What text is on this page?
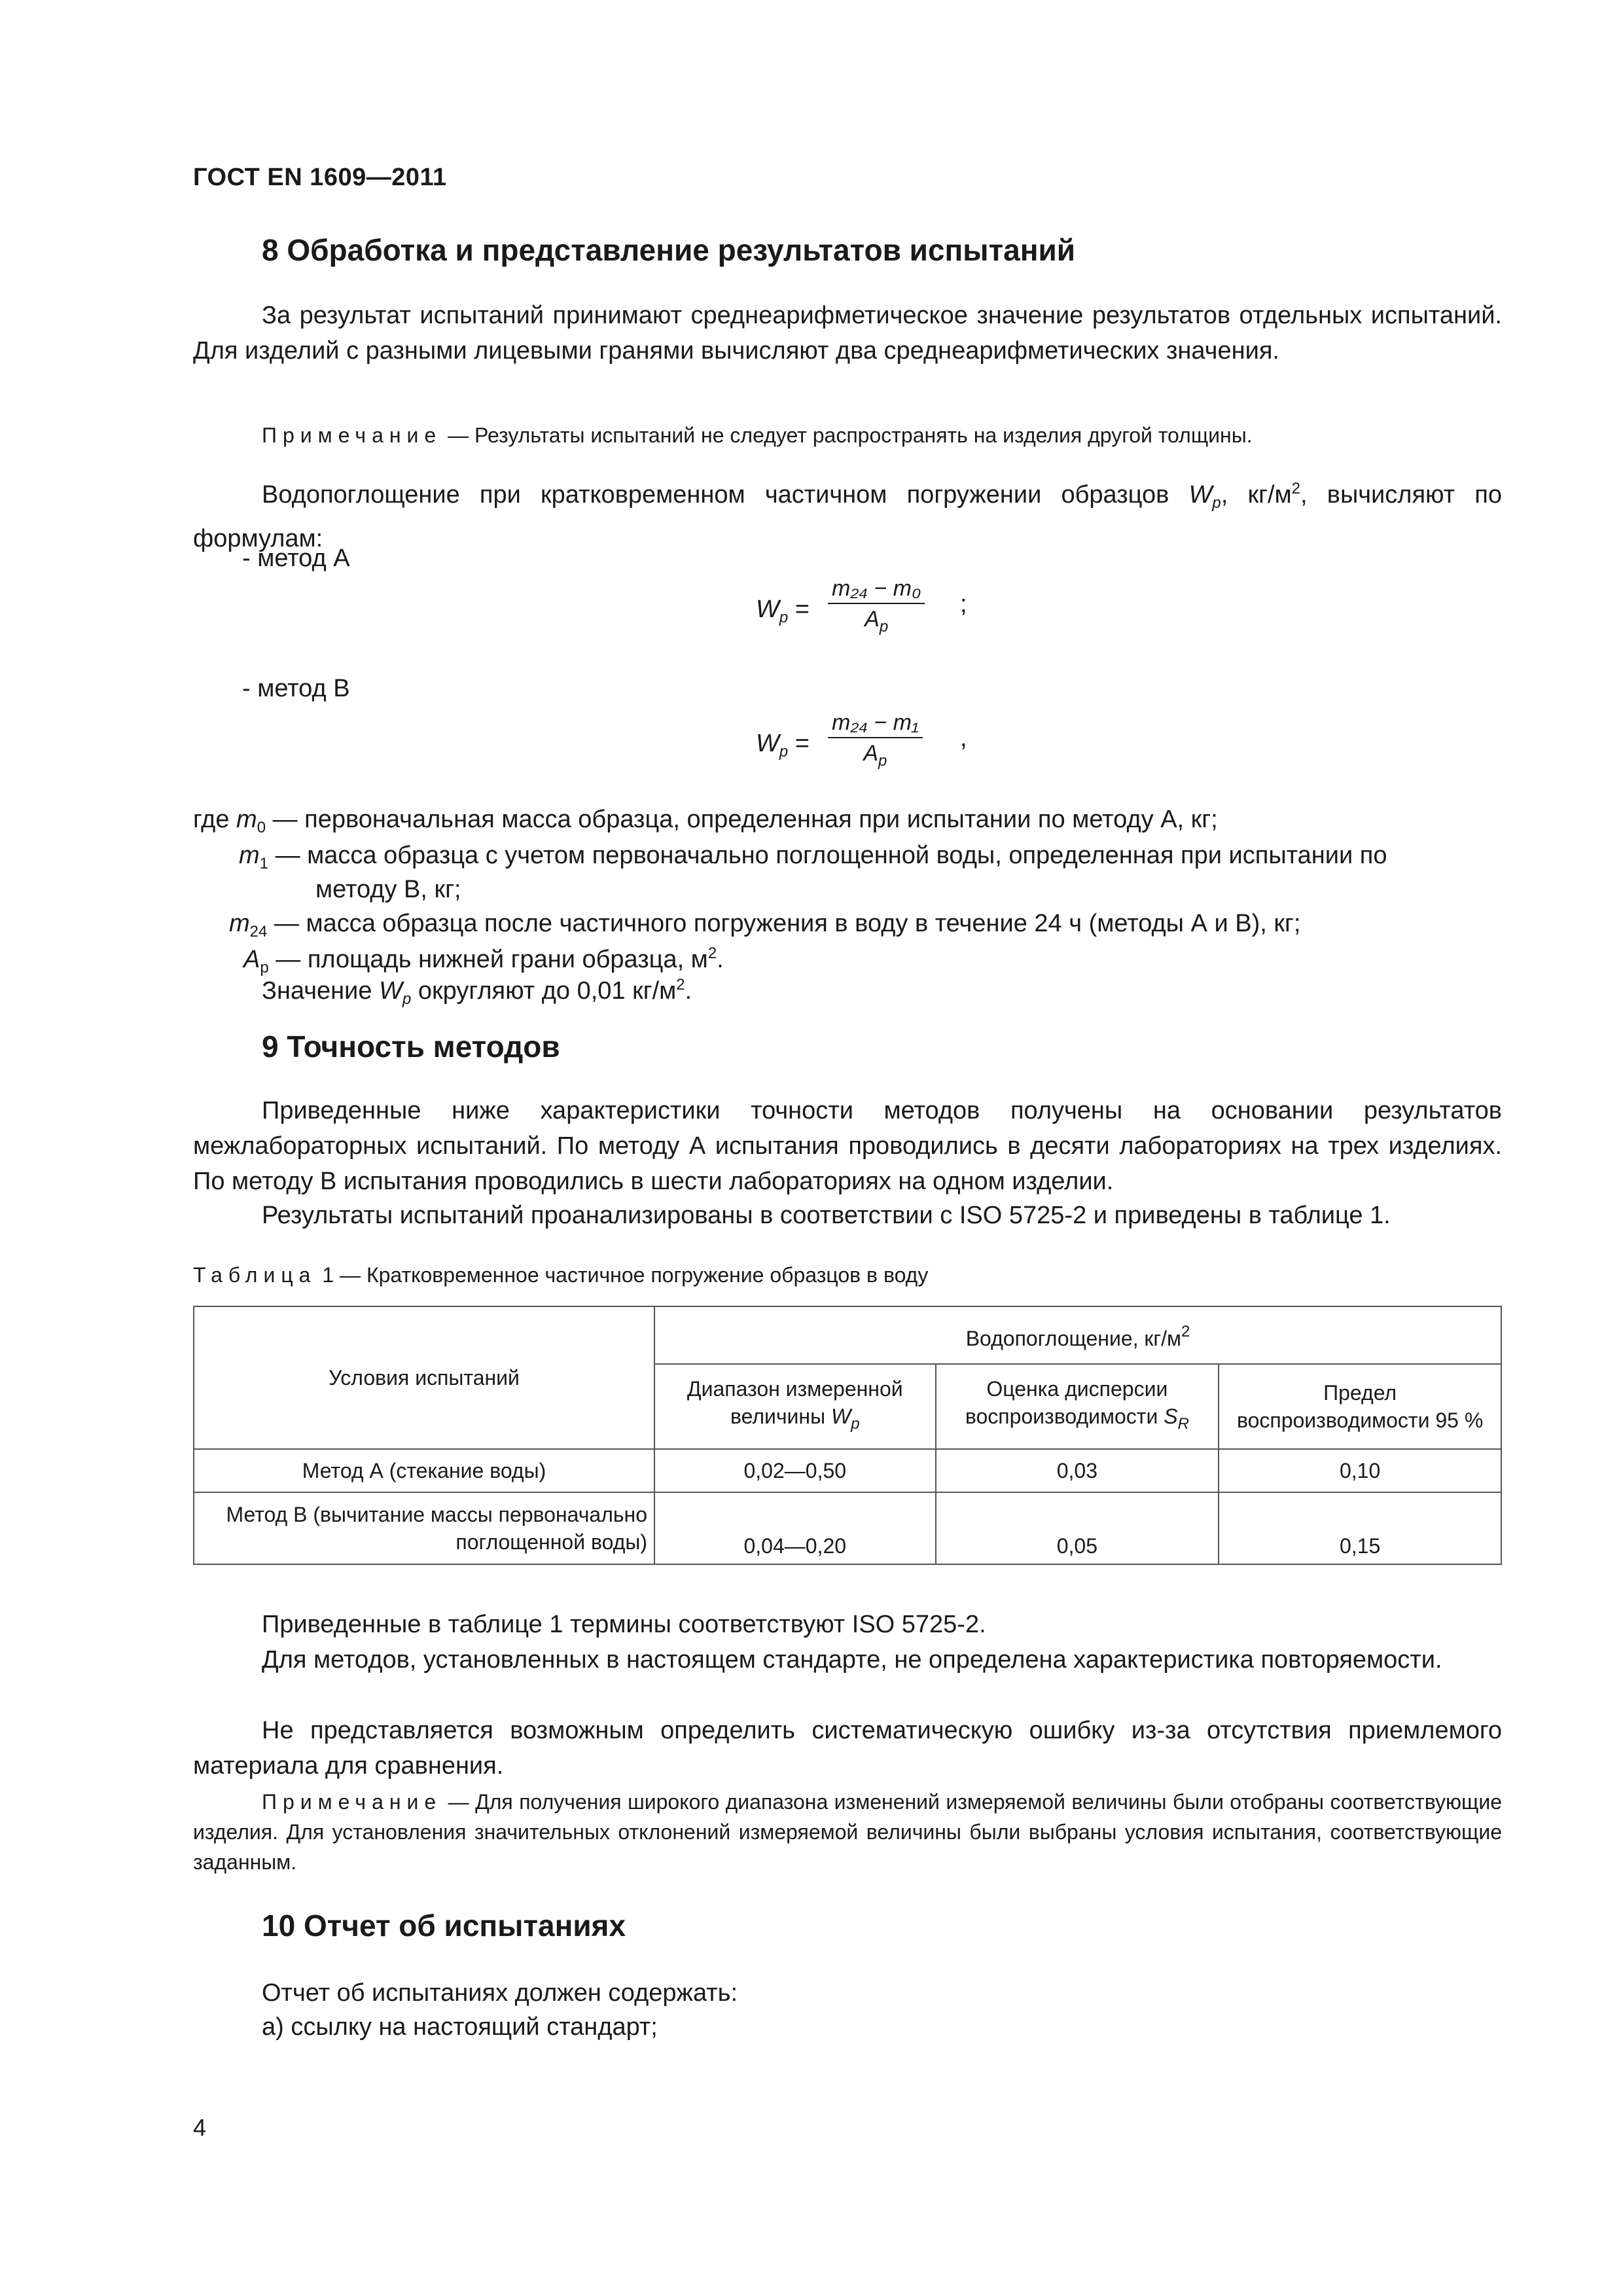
ГОСТ EN 1609—2011
8 Обработка и представление результатов испытаний
За результат испытаний принимают среднеарифметическое значение результатов отдельных испытаний. Для изделий с разными лицевыми гранями вычисляют два среднеарифметических значения.
Примечание — Результаты испытаний не следует распространять на изделия другой толщины.
Водопоглощение при кратковременном частичном погружении образцов $W_p$, $кг/м^2$, вычисляют по формулам:
- метод А
$W_p = \frac{\text{m₂₄ − m₀}}{A_p}$ ;
- метод В
$W_p = \frac{\text{m₂₄ − m₁}}{A_p}$ ,
где $m_0$ — первоначальная масса образца, определенная при испытании по методу А, кг;
$m_1$ — масса образца с учетом первоначально поглощенной воды, определенная при испытании по
методу В, кг;
$m_{24}$ — масса образца после частичного погружения в воду в течение 24 ч (методы А и В), кг;
$A_p$ — площадь нижней грани образца, $м^2$.
Значение $W_p$ округляют до 0,01 $кг/м^2$.
9 Точность методов
Приведенные ниже характеристики точности методов получены на основании результатов межлабораторных испытаний. По методу А испытания проводились в десяти лабораториях на трех изделиях. По методу В испытания проводились в шести лабораториях на одном изделии.
Результаты испытаний проанализированы в соответствии с ISO 5725-2 и приведены в таблице 1.
Таблица 1 — Кратковременное частичное погружение образцов в воду
Условия испытаний	Водопоглощение, $кг/м^2$
	Диапазон измеренной величины $W_p$	Оценка дисперсии воспроизводимости $S_R$	Предел воспроизводимости 95 %
Метод А (стекание воды)	0,02—0,50	0,03	0,10
Метод В (вычитание массы первоначально поглощенной воды)	0,04—0,20	0,05	0,15
Приведенные в таблице 1 термины соответствуют ISO 5725-2.
Для методов, установленных в настоящем стандарте, не определена характеристика повторяемости.
Не представляется возможным определить систематическую ошибку из-за отсутствия приемлемого материала для сравнения.
Примечание — Для получения широкого диапазона изменений измеряемой величины были отобраны соответствующие изделия. Для установления значительных отклонений измеряемой величины были выбраны условия испытания, соответствующие заданным.
10 Отчет об испытаниях
Отчет об испытаниях должен содержать:
а) ссылку на настоящий стандарт;
4
